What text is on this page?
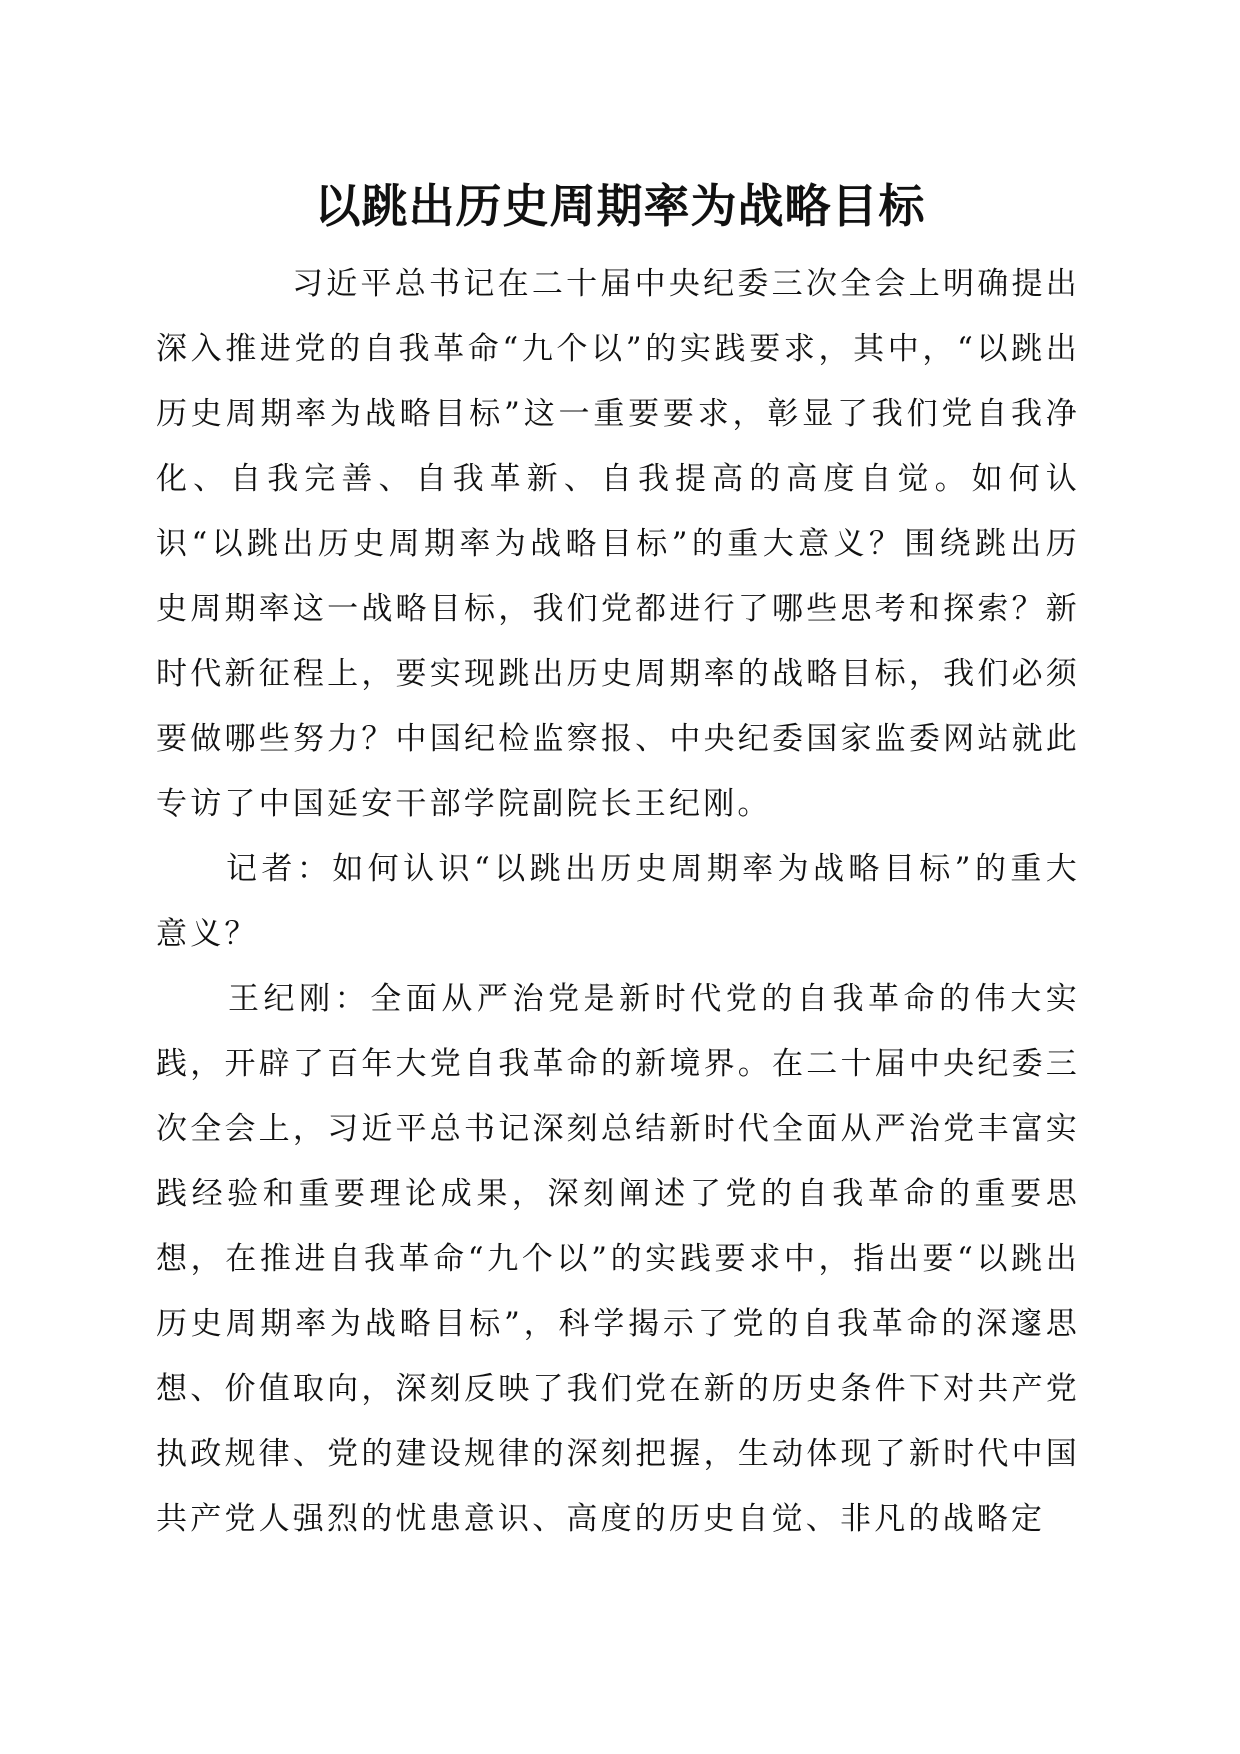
以跳出历史周期率为战略目标

习近平总书记在二十届中央纪委三次全会上明确提出深入推进党的自我革命“九个以”的实践要求，其中，“以跳出历史周期率为战略目标”这一重要要求，彰显了我们党自我净化、自我完善、自我革新、自我提高的高度自觉。如何认识“以跳出历史周期率为战略目标”的重大意义？围绕跳出历史周期率这一战略目标，我们党都进行了哪些思考和探索？新时代新征程上，要实现跳出历史周期率的战略目标，我们必须要做哪些努力？中国纪检监察报、中央纪委国家监委网站就此专访了中国延安干部学院副院长王纪刚。

记者：如何认识“以跳出历史周期率为战略目标”的重大意义？

王纪刚：全面从严治党是新时代党的自我革命的伟大实践，开辟了百年大党自我革命的新境界。在二十届中央纪委三次全会上，习近平总书记深刻总结新时代全面从严治党丰富实践经验和重要理论成果，深刻阐述了党的自我革命的重要思想，在推进自我革命“九个以”的实践要求中，指出要“以跳出历史周期率为战略目标”，科学揭示了党的自我革命的深邃思想、价值取向，深刻反映了我们党在新的历史条件下对共产党执政规律、党的建设规律的深刻把握，生动体现了新时代中国共产党人强烈的忧患意识、高度的历史自觉、非凡的战略定
